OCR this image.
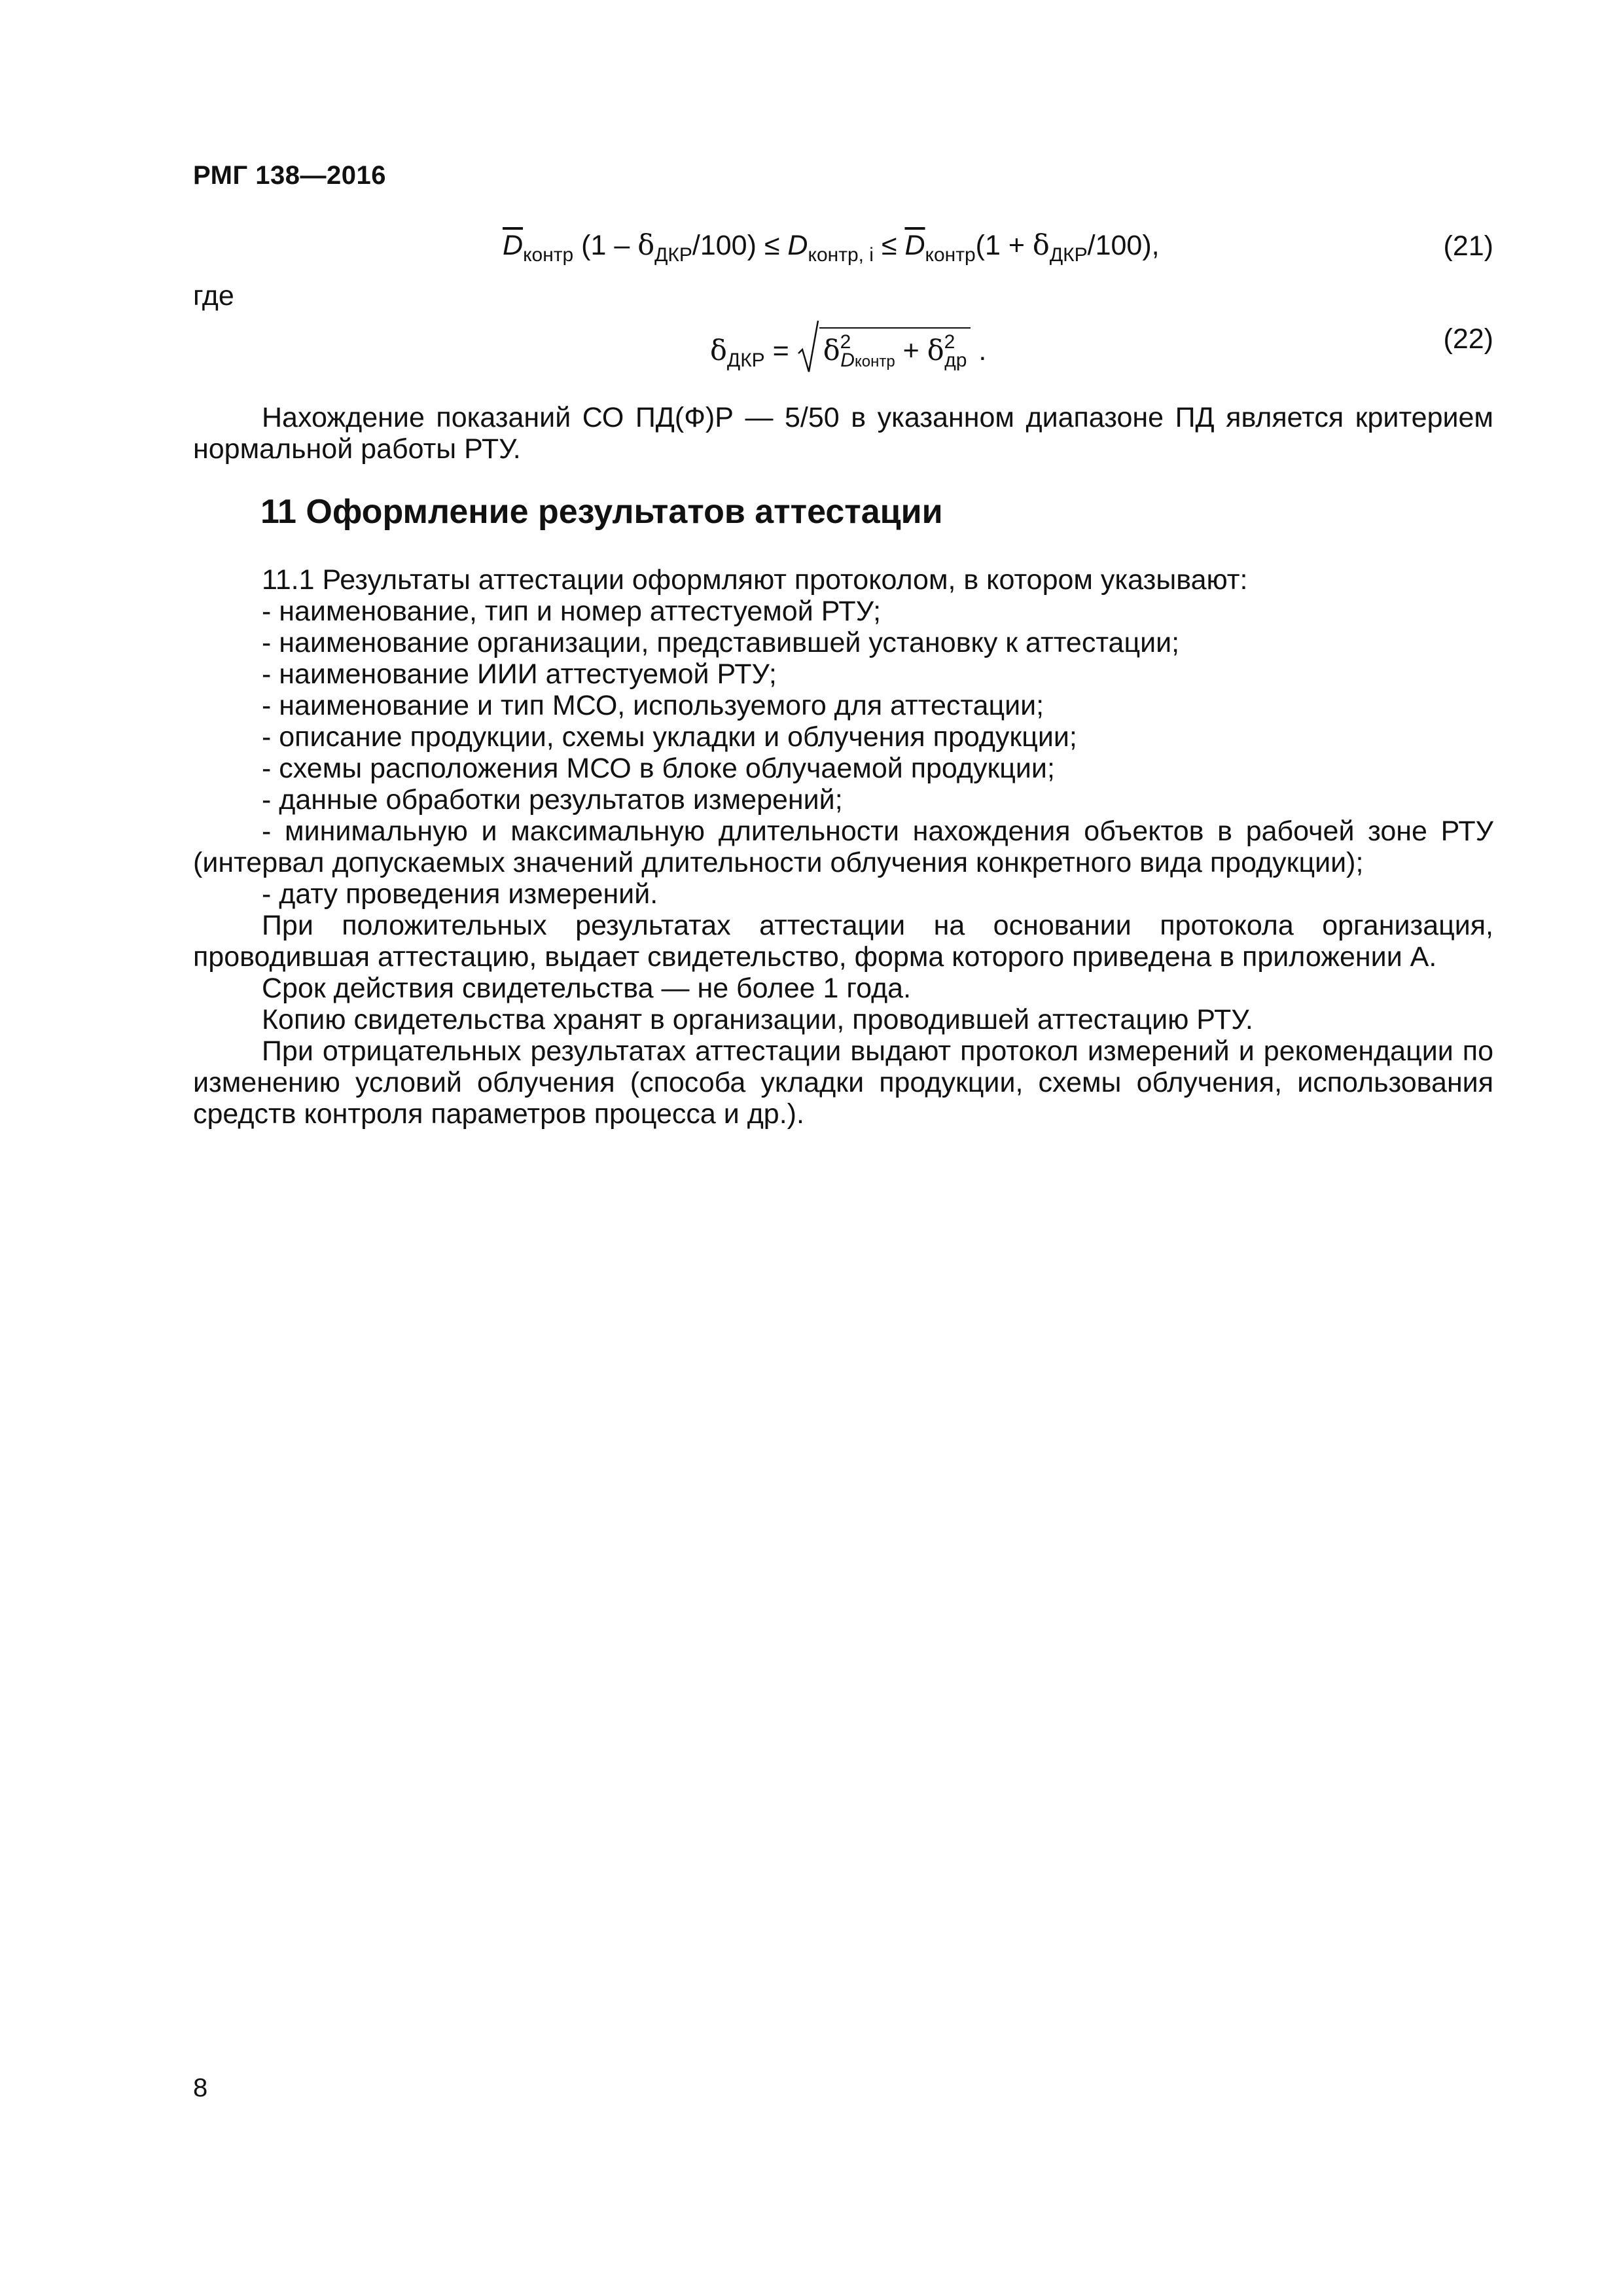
РМГ 138—2016
$\overline{D}_{контр}$ $(1 - \delta_{ДКР}/100) \le D_{контр, i} \le \overline{D}_{контр}(1 + \delta_{ДКР}/100)$,	(21)
где
$\delta_{ДКР}$ =
$\delta^2_{Dконтр} + \delta^2_{др}$ .	(22)
Нахождение показаний СО ПД(Ф)Р — 5/50 в указанном диапазоне ПД является критерием нормальной работы РТУ.
11 Оформление результатов аттестации
11.1 Результаты аттестации оформляют протоколом, в котором указывают:
- наименование, тип и номер аттестуемой РТУ;
- наименование организации, представившей установку к аттестации;
- наименование ИИИ аттестуемой РТУ;
- наименование и тип МСО, используемого для аттестации;
- описание продукции, схемы укладки и облучения продукции;
- схемы расположения МСО в блоке облучаемой продукции;
- данные обработки результатов измерений;
- минимальную и максимальную длительности нахождения объектов в рабочей зоне РТУ (интервал допускаемых значений длительности облучения конкретного вида продукции);
- дату проведения измерений.
При положительных результатах аттестации на основании протокола организация, проводившая аттестацию, выдает свидетельство, форма которого приведена в приложении А.
Срок действия свидетельства — не более 1 года.
Копию свидетельства хранят в организации, проводившей аттестацию РТУ.
При отрицательных результатах аттестации выдают протокол измерений и рекомендации по изменению условий облучения (способа укладки продукции, схемы облучения, использования средств контроля параметров процесса и др.).
8
